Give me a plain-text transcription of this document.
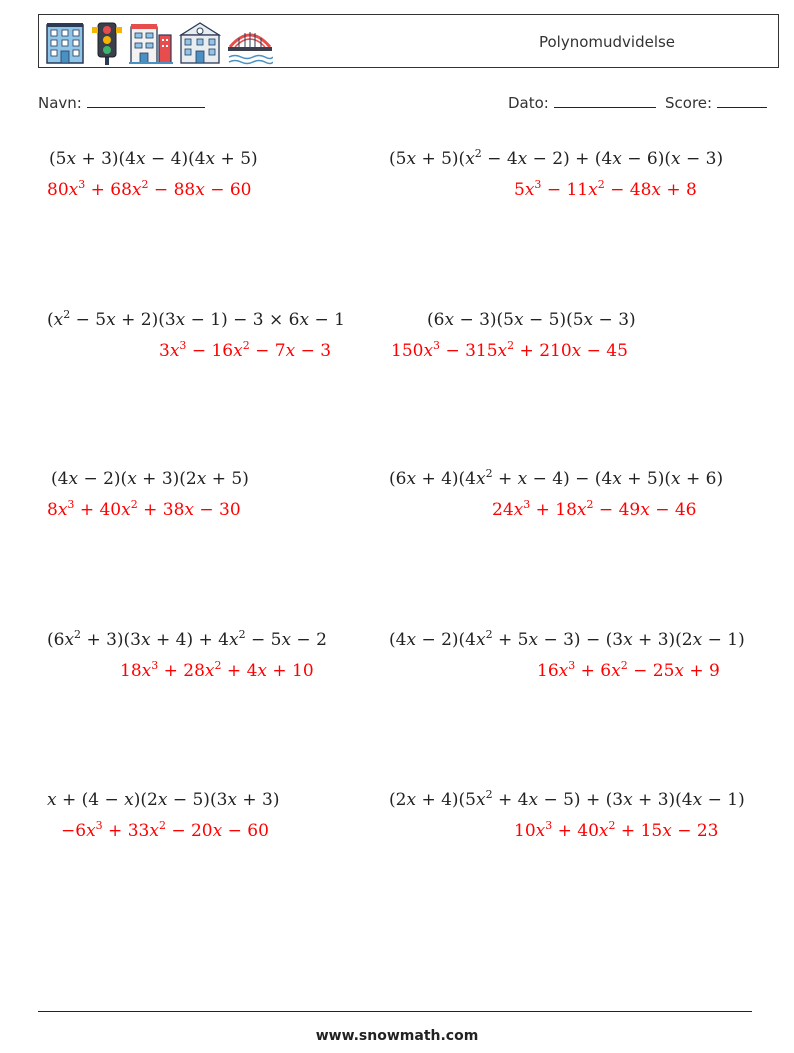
Polynomudvidelse
Navn:	Dato:	Score:
(5x + 3)(4x − 4)(4x + 5)
$80x^3 + 68x^2 - 88x - 60$
$(5x + 5)(x^2 - 4x - 2) + (4x - 6)(x - 3)$
$5x^3 - 11x^2 - 48x + 8$
$(x^2 - 5x + 2)(3x - 1) - 3 \times 6x - 1$
$3x^3 - 16x^2 - 7x - 3$
(6x − 3)(5x − 5)(5x − 3)
$150x^3 - 315x^2 + 210x - 45$
(4x − 2)(x + 3)(2x + 5)
$8x^3 + 40x^2 + 38x - 30$
$(6x + 4)(4x^2 + x - 4) - (4x + 5)(x + 6)$
$24x^3 + 18x^2 - 49x - 46$
$(6x^2 + 3)(3x + 4) + 4x^2 - 5x - 2$
$18x^3 + 28x^2 + 4x + 10$
$(4x - 2)(4x^2 + 5x - 3) - (3x + 3)(2x - 1)$
$16x^3 + 6x^2 - 25x + 9$
x + (4 − x)(2x − 5)(3x + 3)
$-6x^3 + 33x^2 - 20x - 60$
$(2x + 4)(5x^2 + 4x - 5) + (3x + 3)(4x - 1)$
$10x^3 + 40x^2 + 15x - 23$
www.snowmath.com
